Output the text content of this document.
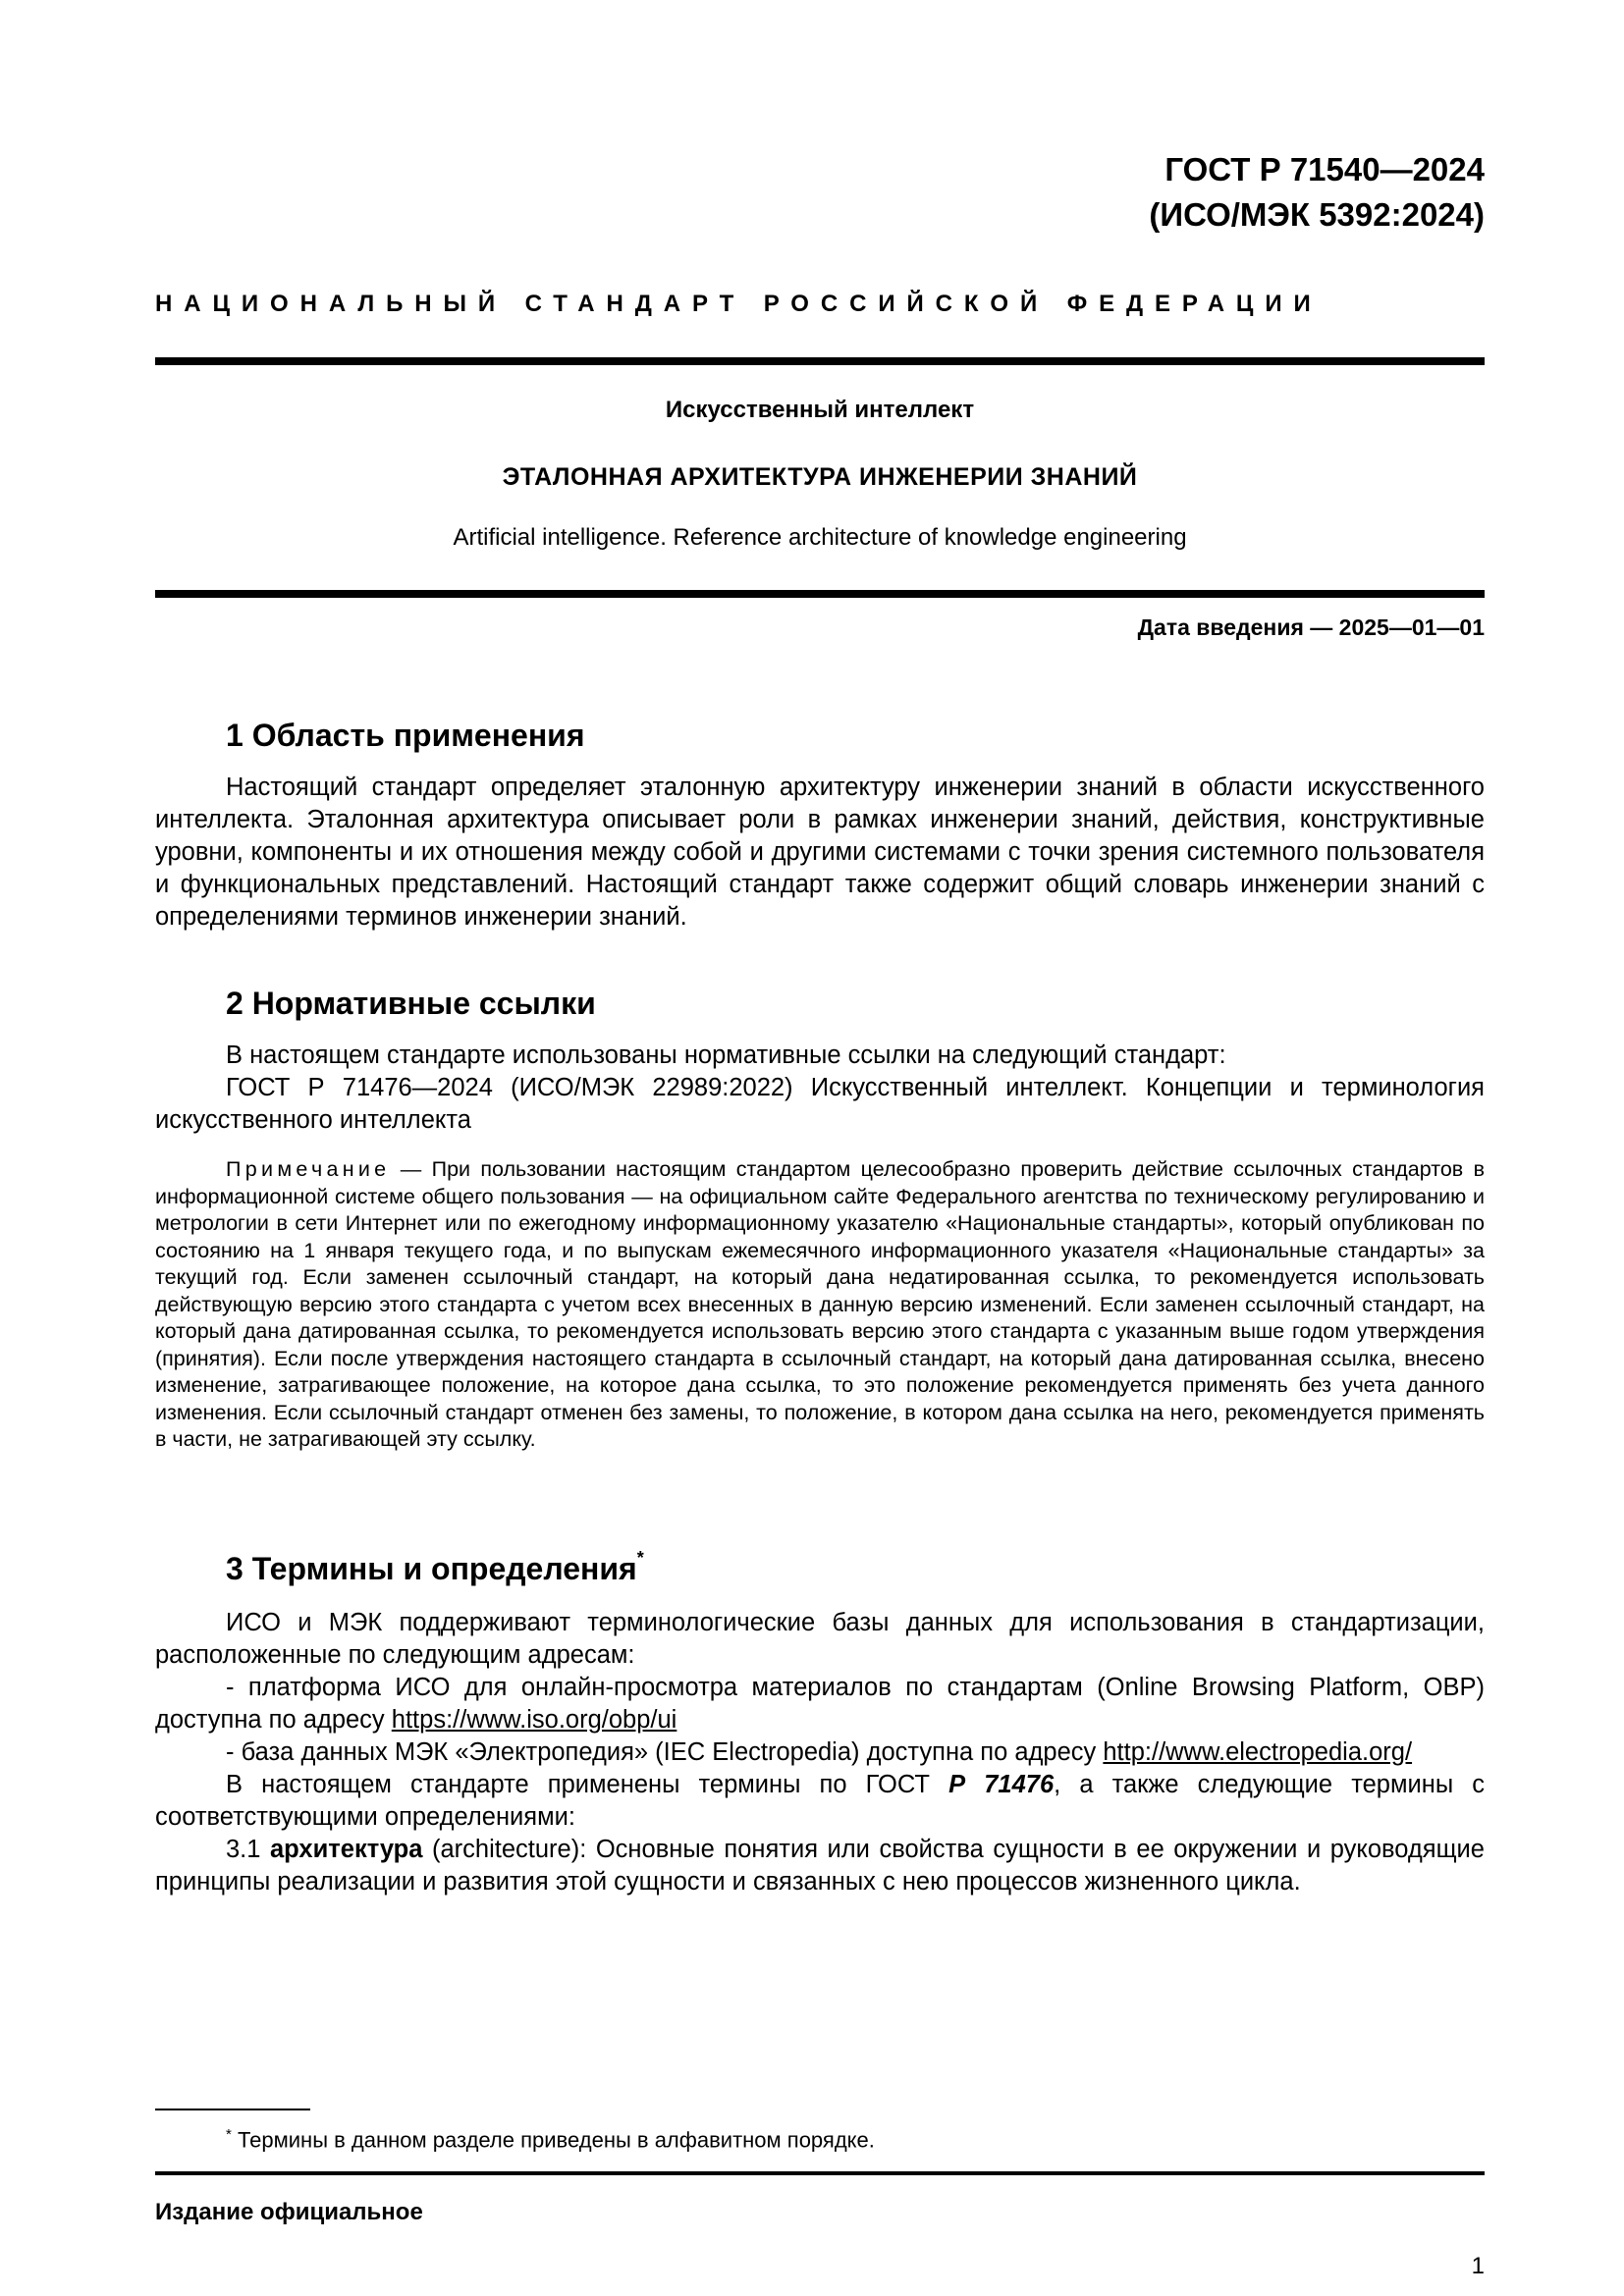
ГОСТ Р 71540—2024
(ИСО/МЭК 5392:2024)
НАЦИОНАЛЬНЫЙ СТАНДАРТ РОССИЙСКОЙ ФЕДЕРАЦИИ
Искусственный интеллект
ЭТАЛОННАЯ АРХИТЕКТУРА ИНЖЕНЕРИИ ЗНАНИЙ
Artificial intelligence. Reference architecture of knowledge engineering
Дата введения — 2025—01—01
1 Область применения

Настоящий стандарт определяет эталонную архитектуру инженерии знаний в области искусственного интеллекта. Эталонная архитектура описывает роли в рамках инженерии знаний, действия, конструктивные уровни, компоненты и их отношения между собой и другими системами с точки зрения системного пользователя и функциональных представлений. Настоящий стандарт также содержит общий словарь инженерии знаний с определениями терминов инженерии знаний.

2 Нормативные ссылки

В настоящем стандарте использованы нормативные ссылки на следующий стандарт:

ГОСТ Р 71476—2024 (ИСО/МЭК 22989:2022) Искусственный интеллект. Концепции и терминология искусственного интеллекта

Примечание — При пользовании настоящим стандартом целесообразно проверить действие ссылочных стандартов в информационной системе общего пользования — на официальном сайте Федерального агентства по техническому регулированию и метрологии в сети Интернет или по ежегодному информационному указателю «Национальные стандарты», который опубликован по состоянию на 1 января текущего года, и по выпускам ежемесячного информационного указателя «Национальные стандарты» за текущий год. Если заменен ссылочный стандарт, на который дана недатированная ссылка, то рекомендуется использовать действующую версию этого стандарта с учетом всех внесенных в данную версию изменений. Если заменен ссылочный стандарт, на который дана датированная ссылка, то рекомендуется использовать версию этого стандарта с указанным выше годом утверждения (принятия). Если после утверждения настоящего стандарта в ссылочный стандарт, на который дана датированная ссылка, внесено изменение, затрагивающее положение, на которое дана ссылка, то это положение рекомендуется применять без учета данного изменения. Если ссылочный стандарт отменен без замены, то положение, в котором дана ссылка на него, рекомендуется применять в части, не затрагивающей эту ссылку.
3 Термины и определения*

ИСО и МЭК поддерживают терминологические базы данных для использования в стандартизации, расположенные по следующим адресам:

- платформа ИСО для онлайн-просмотра материалов по стандартам (Online Browsing Platform, OBP) доступна по адресу https://www.iso.org/obp/ui

- база данных МЭК «Электропедия» (IEC Electropedia) доступна по адресу http://www.electropedia.org/

В настоящем стандарте применены термины по ГОСТ Р 71476, а также следующие термины с соответствующими определениями:

3.1 архитектура (architecture): Основные понятия или свойства сущности в ее окружении и руководящие принципы реализации и развития этой сущности и связанных с нею процессов жизненного цикла.

* Термины в данном разделе приведены в алфавитном порядке.
Издание официальное
1
